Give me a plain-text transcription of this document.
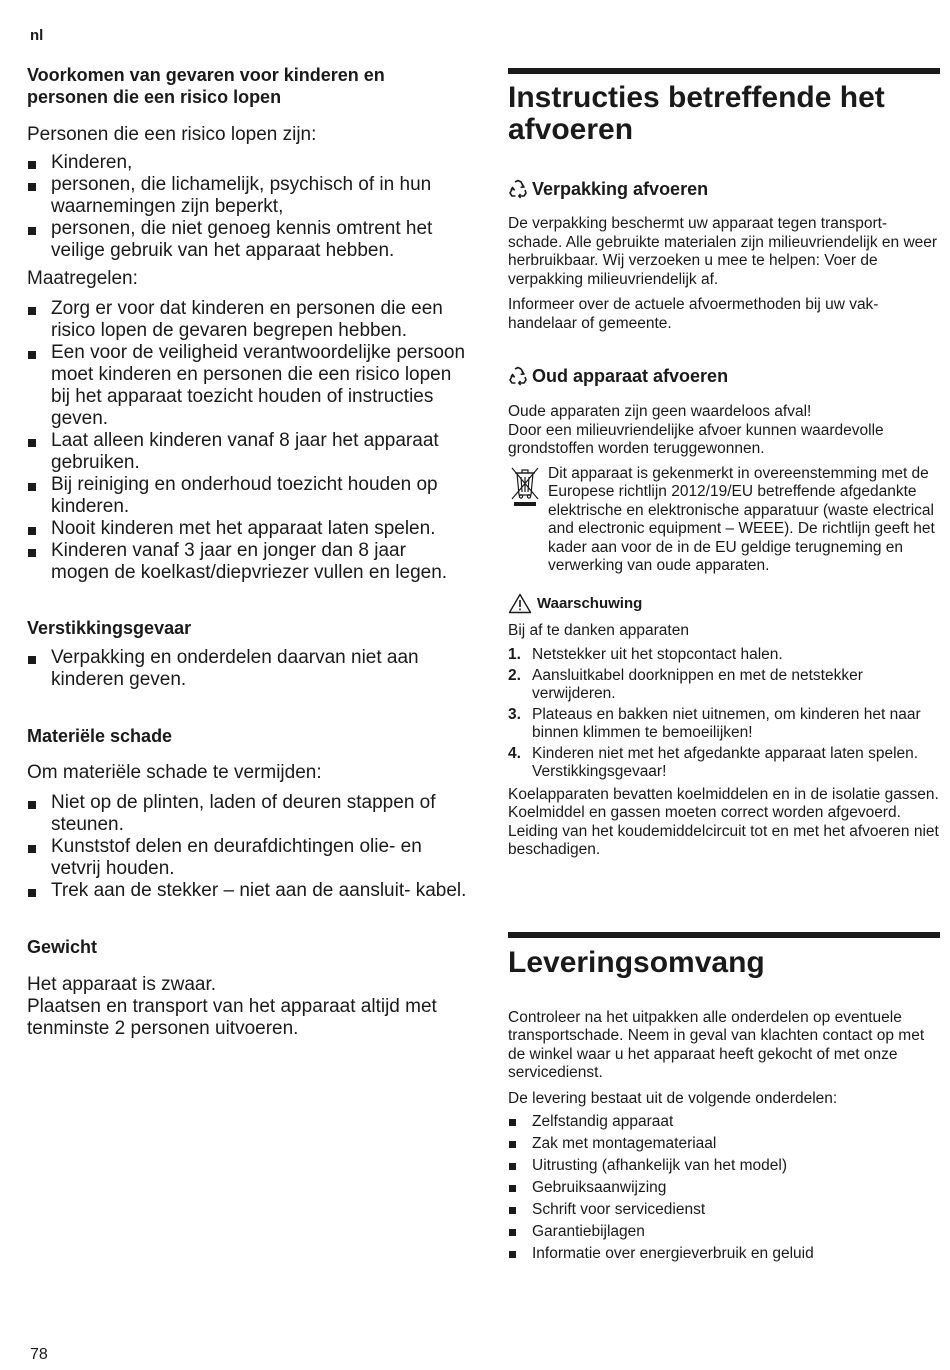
nl

Voorkomen van gevaren voor kinderen en
personen die een risico lopen

Personen die een risico lopen zijn:

Kinderen,
personen, die lichamelijk, psychisch of in hun waarnemingen zijn beperkt,
personen, die niet genoeg kennis omtrent het veilige gebruik van het apparaat hebben.

Maatregelen:

Zorg er voor dat kinderen en personen die een risico lopen de gevaren begrepen hebben.
Een voor de veiligheid verantwoordelijke persoon moet kinderen en personen die een risico lopen bij het apparaat toezicht houden of instructies geven.
Laat alleen kinderen vanaf 8 jaar het apparaat gebruiken.
Bij reiniging en onderhoud toezicht houden op kinderen.
Nooit kinderen met het apparaat laten spelen.
Kinderen vanaf 3 jaar en jonger dan 8 jaar mogen de koelkast/diepvriezer vullen en legen.

Verstikkingsgevaar

Verpakking en onderdelen daarvan niet aan kinderen geven.

Materiële schade

Om materiële schade te vermijden:

Niet op de plinten, laden of deuren stappen of steunen.
Kunststof delen en deurafdichtingen olie- en vetvrij houden.
Trek aan de stekker – niet aan de aansluit- kabel.

Gewicht

Het apparaat is zwaar.

Plaatsen en transport van het apparaat altijd met tenminste 2 personen uitvoeren.

Instructies betreffende het afvoeren
Verpakking afvoeren

De verpakking beschermt uw apparaat tegen transport- schade. Alle gebruikte materialen zijn milieuvriendelijk en weer herbruikbaar. Wij verzoeken u mee te helpen: Voer de verpakking milieuvriendelijk af.

Informeer over de actuele afvoermethoden bij uw vak- handelaar of gemeente.

Oud apparaat afvoeren

Oude apparaten zijn geen waardeloos afval!

Door een milieuvriendelijke afvoer kunnen waardevolle grondstoffen worden teruggewonnen.

Dit apparaat is gekenmerkt in overeenstemming met de Europese richtlijn 2012/19/EU betreffende afgedankte elektrische en elektronische apparatuur (waste electrical and electronic equipment – WEEE). De richtlijn geeft het kader aan voor de in de EU geldige terugneming en verwerking van oude apparaten.

Waarschuwing

Bij af te danken apparaten

1. Netstekker uit het stopcontact halen.
2. Aansluitkabel doorknippen en met de netstekker verwijderen.
3. Plateaus en bakken niet uitnemen, om kinderen het naar binnen klimmen te bemoeilijken!
4. Kinderen niet met het afgedankte apparaat laten spelen. Verstikkingsgevaar!

Koelapparaten bevatten koelmiddelen en in de isolatie gassen. Koelmiddel en gassen moeten correct worden afgevoerd. Leiding van het koudemiddelcircuit tot en met het afvoeren niet beschadigen.

Leveringsomvang

Controleer na het uitpakken alle onderdelen op eventuele transportschade. Neem in geval van klachten contact op met de winkel waar u het apparaat heeft gekocht of met onze servicedienst.

De levering bestaat uit de volgende onderdelen:

Zelfstandig apparaat
Zak met montagemateriaal
Uitrusting (afhankelijk van het model)
Gebruiksaanwijzing
Schrift voor servicedienst
Garantiebijlagen
Informatie over energieverbruik en geluid
78
